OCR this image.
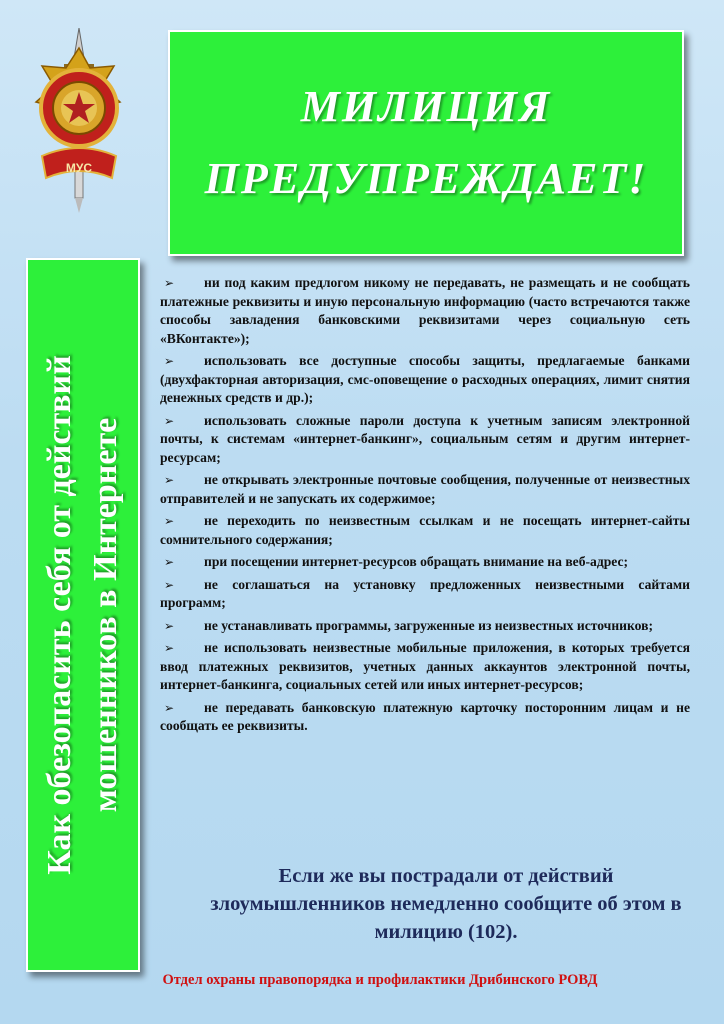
МУС
МИЛИЦИЯ
ПРЕДУПРЕЖДАЕТ!
Как обезопасить себя от действий мошенников в Интернете
➢ ни под каким предлогом никому не передавать, не размещать и не сообщать платежные реквизиты и иную персональную информацию (часто встречаются также способы завладения банковскими реквизитами через социальную сеть «ВКонтакте»);
➢ использовать все доступные способы защиты, предлагаемые банками (двухфакторная авторизация, смс-оповещение о расходных операциях, лимит снятия денежных средств и др.);
➢ использовать сложные пароли доступа к учетным записям электронной почты, к системам «интернет-банкинг», социальным сетям и другим интернет-ресурсам;
➢ не открывать электронные почтовые сообщения, полученные от неизвестных отправителей и не запускать их содержимое;
➢ не переходить по неизвестным ссылкам и не посещать интернет-сайты сомнительного содержания;
➢ при посещении интернет-ресурсов обращать внимание на веб-адрес;
➢ не соглашаться на установку предложенных неизвестными сайтами программ;
➢ не устанавливать программы, загруженные из неизвестных источников;
➢ не использовать неизвестные мобильные приложения, в которых требуется ввод платежных реквизитов, учетных данных аккаунтов электронной почты, интернет-банкинга, социальных сетей или иных интернет-ресурсов;
➢ не передавать банковскую платежную карточку посторонним лицам и не сообщать ее реквизиты.
Если же вы пострадали от действий злоумышленников немедленно сообщите об этом в милицию (102).
Отдел охраны правопорядка и профилактики Дрибинского РОВД
